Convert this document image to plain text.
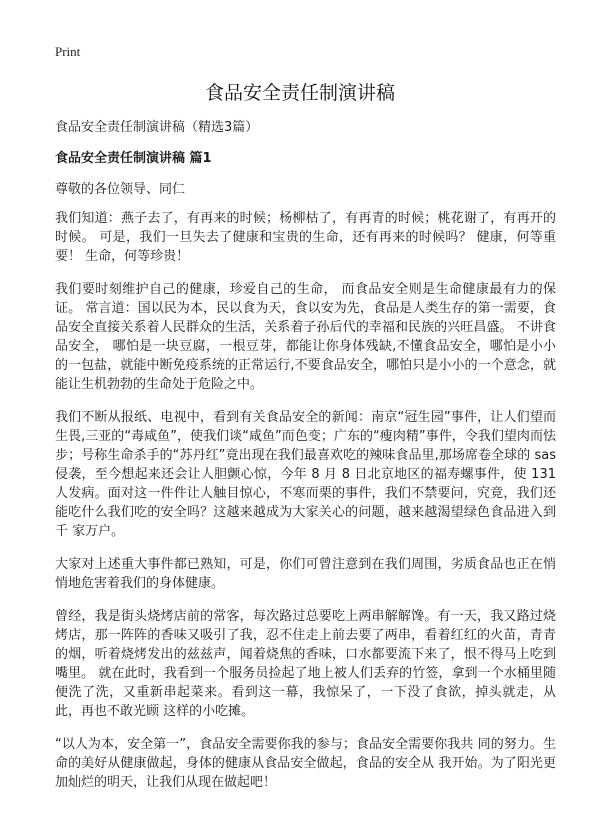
Print
食品安全责任制演讲稿

食品安全责任制演讲稿（精选3篇）

食品安全责任制演讲稿 篇1

尊敬的各位领导、同仁

我们知道：燕子去了，有再来的时候；杨柳枯了，有再青的时候；桃花谢了，有再开的时候。 可是，我们一旦失去了健康和宝贵的生命，还有再来的时候吗？ 健康，何等重要！ 生命，何等珍贵！

我们要时刻维护自己的健康，珍爱自己的生命， 而食品安全则是生命健康最有力的保证。 常言道：国以民为本，民以食为天，食以安为先，食品是人类生存的第一需要，食品安全直接关系着人民群众的生活，关系着子孙后代的幸福和民族的兴旺昌盛。 不讲食品安全， 哪怕是一块豆腐，一根豆芽，都能让你身体残缺,不懂食品安全，哪怕是小小的一包盐，就能中断免疫系统的正常运行,不要食品安全，哪怕只是小小的一个意念，就能让生机勃勃的生命处于危险之中。

我们不断从报纸、电视中，看到有关食品安全的新闻：南京“冠生园”事件，让人们望而生畏,三亚的“毒咸鱼”，使我们谈“咸鱼”而色变；广东的“瘦肉精”事件，令我们望肉而怯步；号称生命杀手的“苏丹红”竟出现在我们最喜欢吃的辣味食品里,那场席卷全球的 sas 侵袭，至今想起来还会让人胆颤心惊，今年 8 月 8 日北京地区的福寿螺事件，使 131 人发病。面对这一件件让人触目惊心，不寒而栗的事件，我们不禁要问，究竟，我们还能吃什么我们吃的安全吗？这越来越成为大家关心的问题，越来越渴望绿色食品进入到千 家万户。

大家对上述重大事件都已熟知，可是，你们可曾注意到在我们周围，劣质食品也正在悄悄地危害着我们的身体健康。

曾经，我是街头烧烤店前的常客，每次路过总要吃上两串解解馋。有一天，我又路过烧烤店，那一阵阵的香味又吸引了我，忍不住走上前去要了两串，看着红红的火苗，青青的烟，听着烧烤发出的兹兹声，闻着烧焦的香味，口水都要流下来了，恨不得马上吃到嘴里。 就在此时，我看到一个服务员捡起了地上被人们丢弃的竹签，拿到一个水桶里随便洗了洗，又重新串起菜来。看到这一幕，我惊呆了，一下没了食欲，掉头就走，从此，再也不敢光顾 这样的小吃摊。

“以人为本，安全第一”，食品安全需要你我的参与；食品安全需要你我共 同的努力。生命的美好从健康做起，身体的健康从食品安全做起，食品的安全从 我开始。为了阳光更加灿烂的明天，让我们从现在做起吧！
